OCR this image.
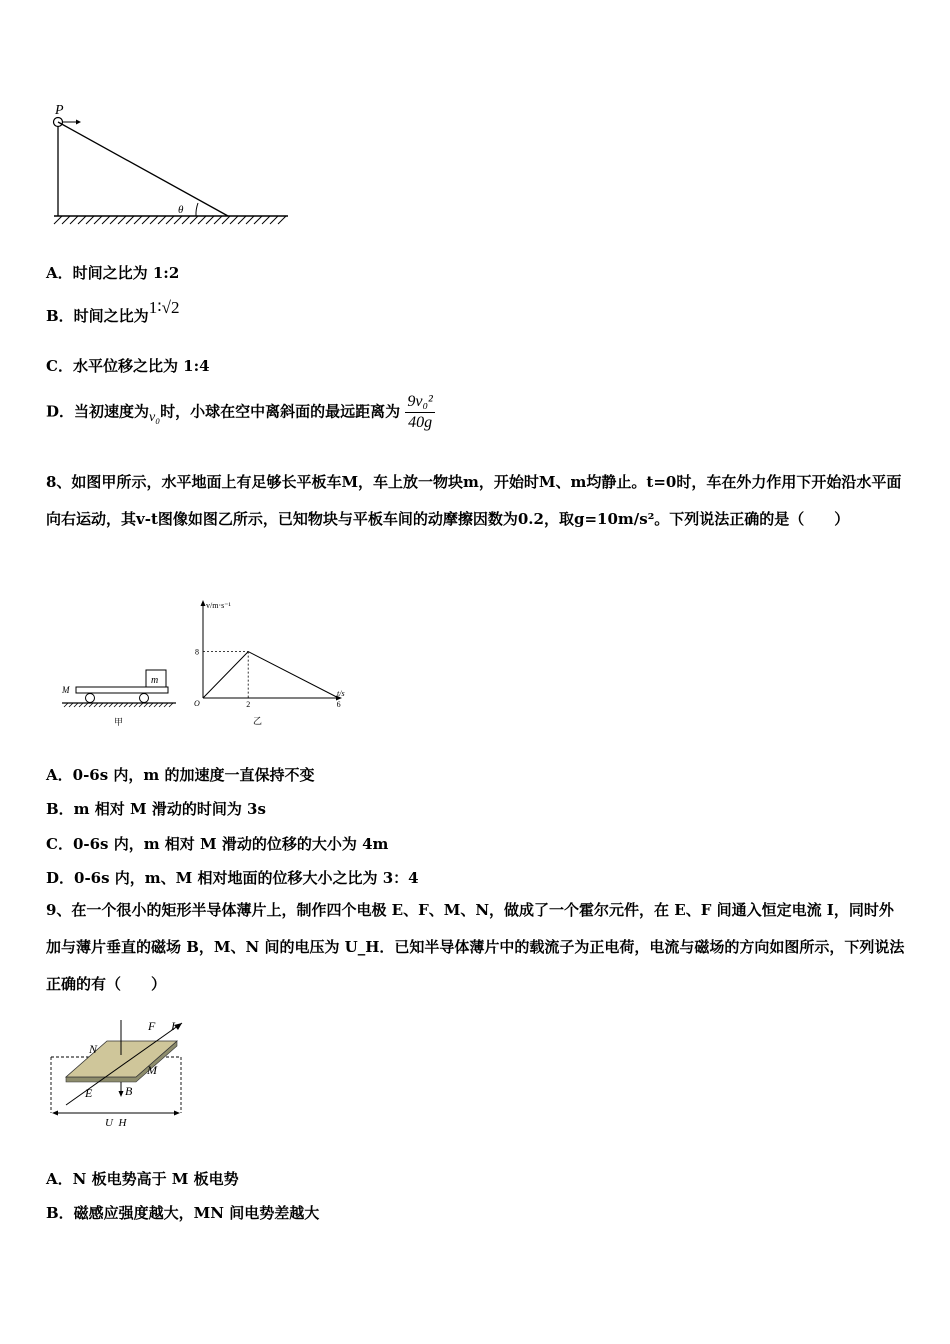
P
θ
A．时间之比为 1:2
B．时间之比为1∶√2
C．水平位移之比为 1:4
D．当初速度为v₀时，小球在空中离斜面的最远距离为 $\frac{\text{9v₀²}}{40g}$
8、如图甲所示，水平地面上有足够长平板车M，车上放一物块m，开始时M、m均静止。t=0时，车在外力作用下开始沿水平面向右运动，其v-t图像如图乙所示，已知物块与平板车间的动摩擦因数为0.2，取g=10m/s²。下列说法正确的是（　　）
m
M
甲
v/m·s⁻¹
t/s
O
8
2	6
乙
A．0-6s 内，m 的加速度一直保持不变
B．m 相对 M 滑动的时间为 3s
C．0-6s 内，m 相对 M 滑动的位移的大小为 4m
D．0-6s 内，m、M 相对地面的位移大小之比为 3：4
9、在一个很小的矩形半导体薄片上，制作四个电极 E、F、M、N，做成了一个霍尔元件，在 E、F 间通入恒定电流 I，同时外加与薄片垂直的磁场 B，M、N 间的电压为 U_H．已知半导体薄片中的载流子为正电荷，电流与磁场的方向如图所示，下列说法正确的有（　　）
N
M
E
F I
B
U_H
A．N 板电势高于 M 板电势
B．磁感应强度越大，MN 间电势差越大
